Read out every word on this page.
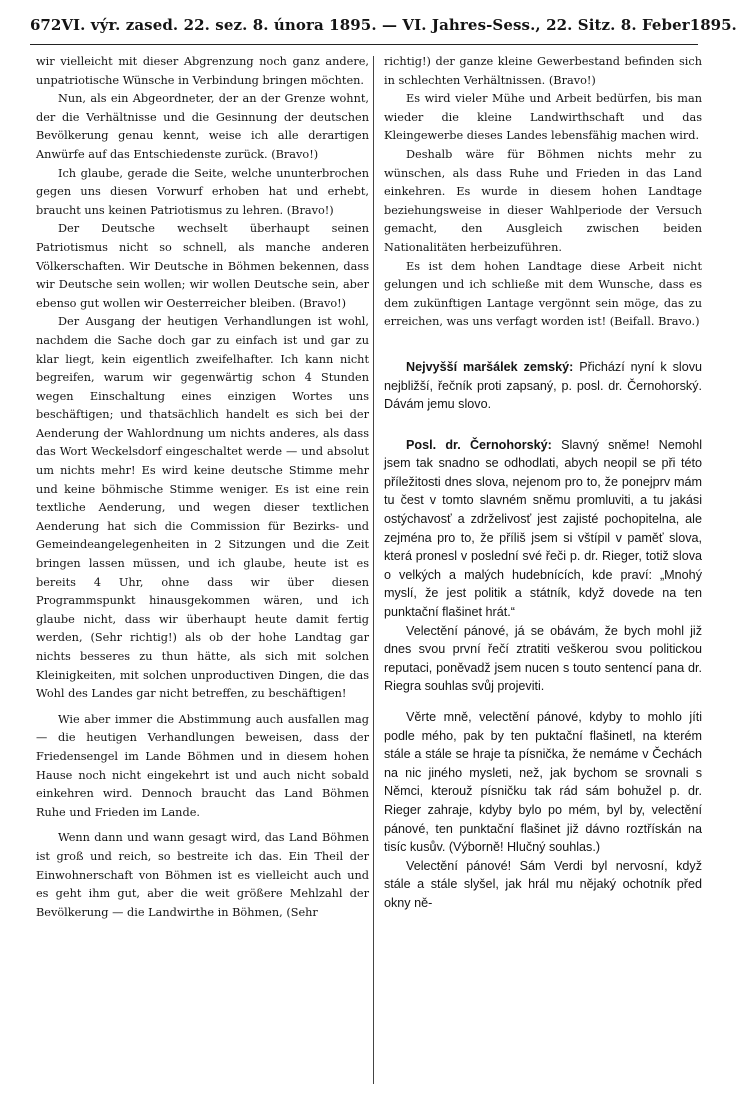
672 VI. výr. zased. 22. sez. 8. února 1895. — VI. Jahres-Sess., 22. Sitz. 8. Feber 1895.

wir vielleicht mit dieser Abgrenzung noch ganz andere, unpatriotische Wünsche in Verbindung bringen möchten.

Nun, als ein Abgeordneter, der an der Grenze wohnt, der die Verhältnisse und die Gesinnung der deutschen Bevölkerung genau kennt, weise ich alle derartigen Anwürfe auf das Entschiedenste zurück. (Bravo!)

Ich glaube, gerade die Seite, welche ununterbrochen gegen uns diesen Vorwurf erhoben hat und erhebt, braucht uns keinen Patriotismus zu lehren. (Bravo!)

Der Deutsche wechselt überhaupt seinen Patriotismus nicht so schnell, als manche anderen Völkerschaften. Wir Deutsche in Böhmen bekennen, dass wir Deutsche sein wollen; wir wollen Deutsche sein, aber ebenso gut wollen wir Oesterreicher bleiben. (Bravo!)

Der Ausgang der heutigen Verhandlungen ist wohl, nachdem die Sache doch gar zu einfach ist und gar zu klar liegt, kein eigentlich zweifelhafter. Ich kann nicht begreifen, warum wir gegenwärtig schon 4 Stunden wegen Einschaltung eines einzigen Wortes uns beschäftigen; und thatsächlich handelt es sich bei der Aenderung der Wahlordnung um nichts anderes, als dass das Wort Weckelsdorf eingeschaltet werde — und absolut um nichts mehr! Es wird keine deutsche Stimme mehr und keine böhmische Stimme weniger. Es ist eine rein textliche Aenderung, und wegen dieser textlichen Aenderung hat sich die Commission für Bezirks- und Gemeindeangelegenheiten in 2 Sitzungen und die Zeit bringen lassen müssen, und ich glaube, heute ist es bereits 4 Uhr, ohne dass wir über diesen Programmspunkt hinausgekommen wären, und ich glaube nicht, dass wir überhaupt heute damit fertig werden, (Sehr richtig!) als ob der hohe Landtag gar nichts besseres zu thun hätte, als sich mit solchen Kleinigkeiten, mit solchen unproductiven Dingen, die das Wohl des Landes gar nicht betreffen, zu beschäftigen!

Wie aber immer die Abstimmung auch ausfallen mag — die heutigen Verhandlungen beweisen, dass der Friedensengel im Lande Böhmen und in diesem hohen Hause noch nicht eingekehrt ist und auch nicht sobald einkehren wird. Dennoch braucht das Land Böhmen Ruhe und Frieden im Lande.

Wenn dann und wann gesagt wird, das Land Böhmen ist groß und reich, so bestreite ich das. Ein Theil der Einwohnerschaft von Böhmen ist es vielleicht auch und es geht ihm gut, aber die weit größere Mehlzahl der Bevölkerung — die Landwirthe in Böhmen, (Sehr

richtig!) der ganze kleine Gewerbestand befinden sich in schlechten Verhältnissen. (Bravo!)

Es wird vieler Mühe und Arbeit bedürfen, bis man wieder die kleine Landwirthschaft und das Kleingewerbe dieses Landes lebensfähig machen wird.

Deshalb wäre für Böhmen nichts mehr zu wünschen, als dass Ruhe und Frieden in das Land einkehren. Es wurde in diesem hohen Landtage beziehungsweise in dieser Wahlperiode der Versuch gemacht, den Ausgleich zwischen beiden Nationalitäten herbeizuführen.

Es ist dem hohen Landtage diese Arbeit nicht gelungen und ich schließe mit dem Wunsche, dass es dem zukünftigen Lantage vergönnt sein möge, das zu erreichen, was uns verfagt worden ist! (Beifall. Bravo.)

Nejvyšší maršálek zemský: Přichází nyní k slovu nejbližší, řečník proti zapsaný, p. posl. dr. Černohorský. Dávám jemu slovo.

Posl. dr. Černohorský: Slavný sněme! Nemohl jsem tak snadno se odhodlati, abych neopil se při této příležitosti dnes slova, nejenom pro to, že ponejprv mám tu čest v tomto slavném sněmu promluviti, a tu jakási ostýchavosť a zdrželivosť jest zajisté pochopitelna, ale zejména pro to, že příliš jsem si vštípil v paměť slova, která pronesl v poslední své řeči p. dr. Rieger, totiž slova o velkých a malých hudebnících, kde praví: „Mnohý myslí, že jest politik a státník, když dovede na ten punktační flašinet hrát.“

Velectění pánové, já se obávám, že bych mohl již dnes svou první řečí ztratiti veškerou svou politickou reputaci, poněvadž jsem nucen s touto sentencí pana dr. Riegra souhlas svůj projeviti.

Věrte mně, velectění pánové, kdyby to mohlo jíti podle mého, pak by ten puktační flašinetl, na kterém stále a stále se hraje ta písnička, že nemáme v Čechách na nic jiného mysleti, než, jak bychom se srovnali s Němci, kterouž písničku tak rád sám bohužel p. dr. Rieger zahraje, kdyby bylo po mém, byl by, velectění pánové, ten punktační flašinet již dávno roztřískán na tisíc kusův. (Výborně! Hlučný souhlas.)

Velectění pánové! Sám Verdi byl nervosní, když stále a stále slyšel, jak hrál mu nějaký ochotník před okny ně-
